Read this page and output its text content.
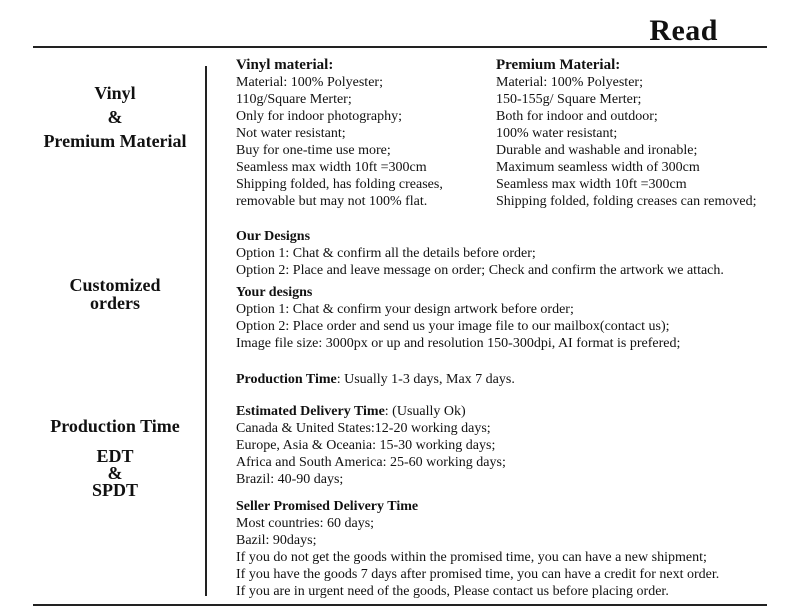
Read
Vinyl
&
Premium Material
Customized
orders
Production Time
EDT
&
SPDT
Vinyl material:
Material: 100% Polyester;
110g/Square Merter;
Only for indoor photography;
Not water resistant;
Buy for one-time use more;
Seamless max width 10ft =300cm
Shipping folded, has folding creases,
removable but may not 100% flat.
Premium Material:
Material: 100% Polyester;
150-155g/ Square Merter;
Both for indoor and outdoor;
100% water resistant;
Durable and washable and ironable;
Maximum seamless width of 300cm
Seamless max width 10ft =300cm
Shipping folded, folding creases can removed;
Our Designs
Option 1: Chat & confirm all the details before order;
Option 2: Place and leave message on order; Check and confirm the artwork we attach.
Your designs
Option 1: Chat & confirm your design artwork before order;
Option 2: Place order and send us your image file to our mailbox(contact us);
Image file size: 3000px or up and resolution 150-300dpi, AI format is prefered;
Production Time: Usually 1-3 days, Max 7 days.
Estimated Delivery Time: (Usually Ok)
Canada & United States:12-20 working days;
Europe, Asia & Oceania: 15-30 working days;
Africa and South America: 25-60 working days;
Brazil: 40-90 days;
Seller Promised Delivery Time
Most countries: 60 days;
Bazil: 90days;
If you do not get the goods within the promised time, you can have a new shipment;
If you have the goods 7 days after promised time, you can have a credit for next order.
If you are in urgent need of the goods, Please contact us before placing order.
